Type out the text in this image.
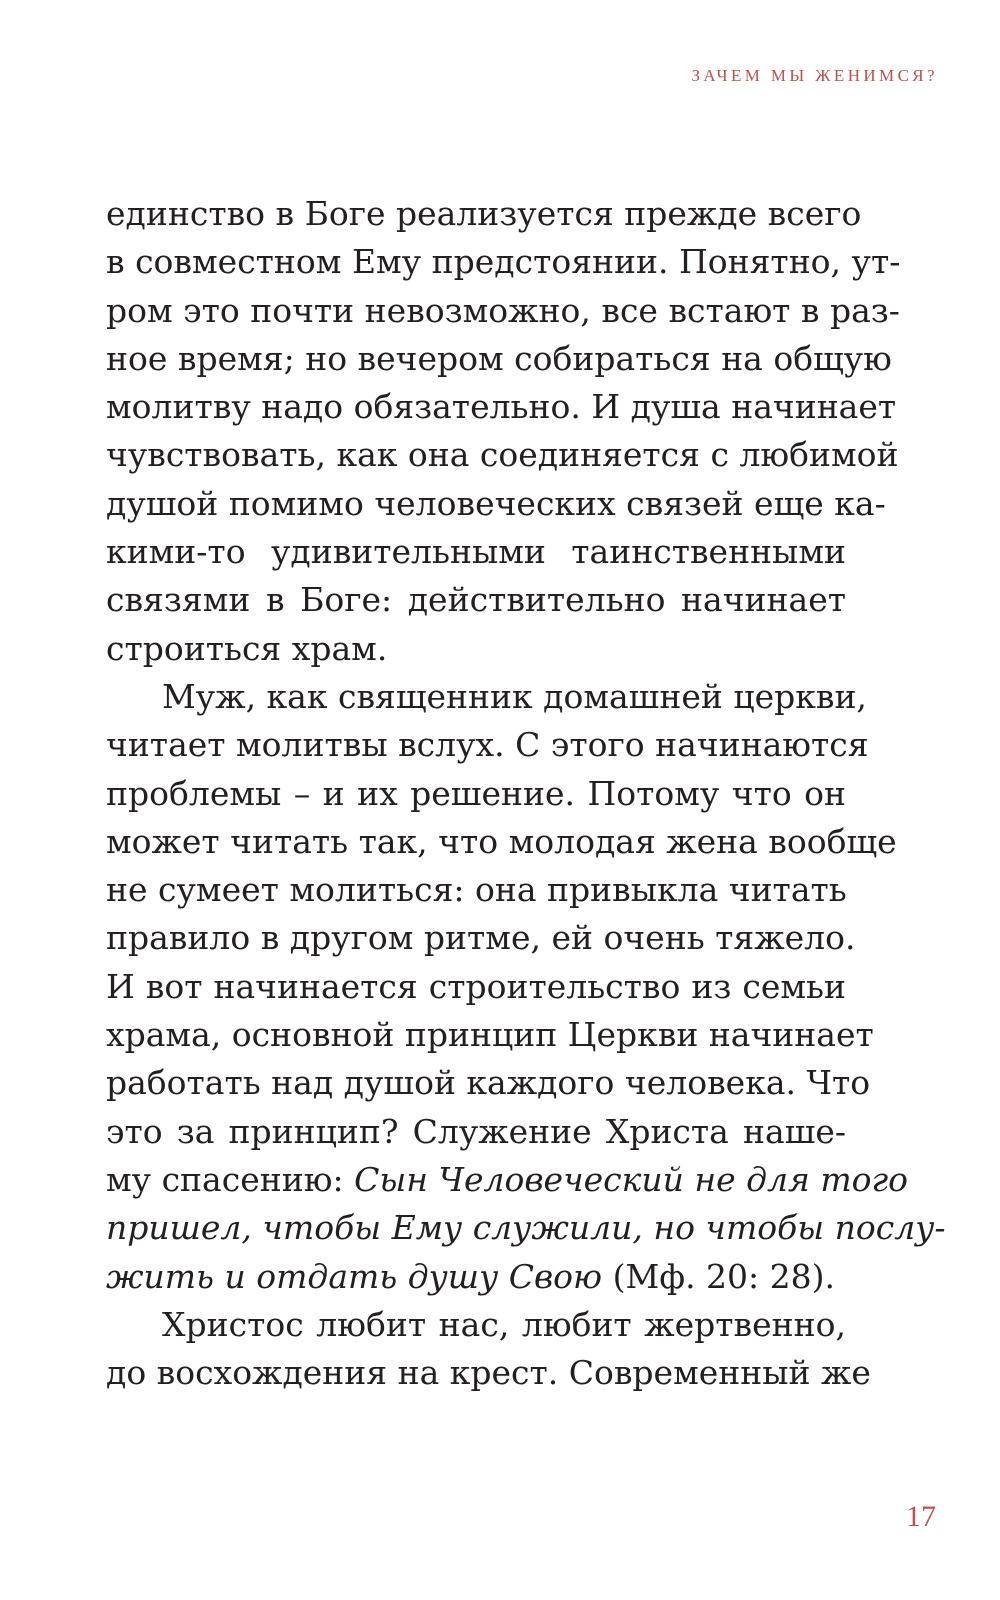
ЗАЧЕМ МЫ ЖЕНИМСЯ?
единство в Боге реализуется прежде всего
в совместном Ему предстоянии. Понятно, ут-
ром это почти невозможно, все встают в раз-
ное время; но вечером собираться на общую
молитву надо обязательно. И душа начинает
чувствовать, как она соединяется с любимой
душой помимо человеческих связей еще ка-
кими-то удивительными таинственными
связями в Боге: действительно начинает
строиться храм.
Муж, как священник домашней церкви,
читает молитвы вслух. С этого начинаются
проблемы – и их решение. Потому что он
может читать так, что молодая жена вообще
не сумеет молиться: она привыкла читать
правило в другом ритме, ей очень тяжело.
И вот начинается строительство из семьи
храма, основной принцип Церкви начинает
работать над душой каждого человека. Что
это за принцип? Служение Христа наше-
му спасению: Сын Человеческий не для того
пришел, чтобы Ему служили, но чтобы послу-
жить и отдать душу Свою (Мф. 20: 28).
Христос любит нас, любит жертвенно,
до восхождения на крест. Современный же
17
